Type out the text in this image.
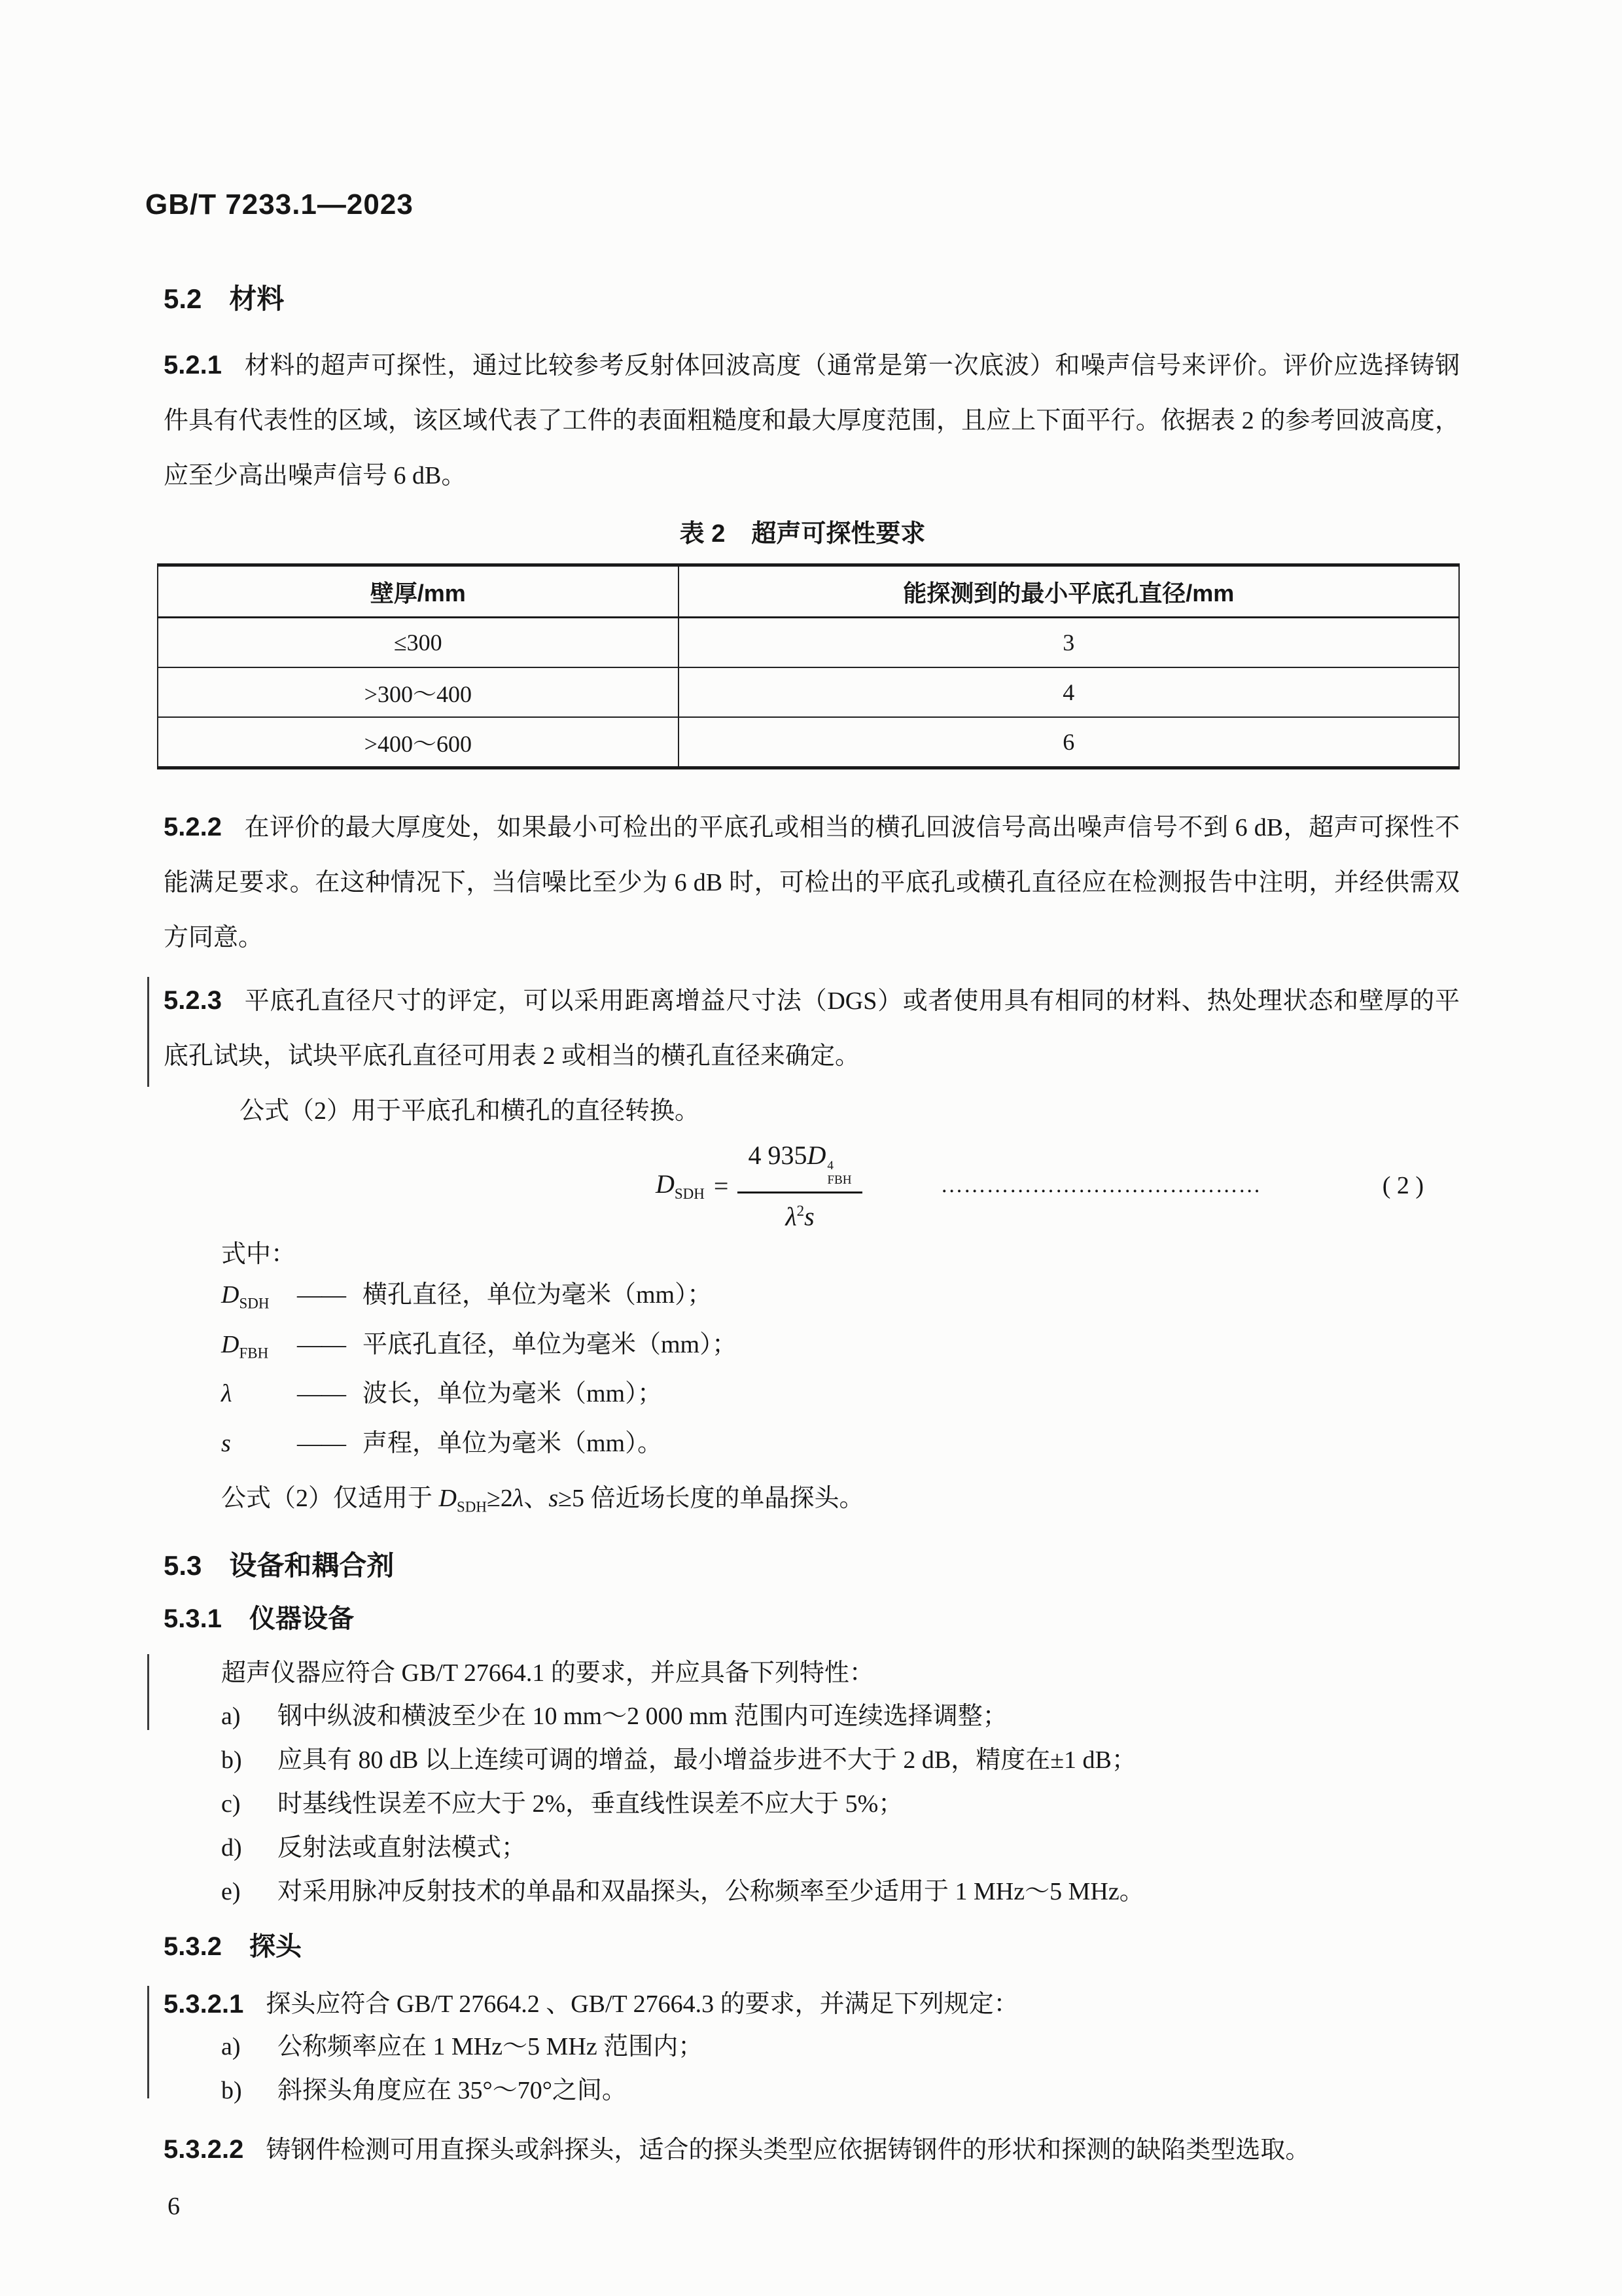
GB/T 7233.1—2023
5.2 材料

5.2.1 材料的超声可探性，通过比较参考反射体回波高度（通常是第一次底波）和噪声信号来评价。评价应选择铸钢件具有代表性的区域，该区域代表了工件的表面粗糙度和最大厚度范围，且应上下面平行。依据表 2 的参考回波高度，应至少高出噪声信号 6 dB。

表 2 超声可探性要求
壁厚/mm	能探测到的最小平底孔直径/mm
≤300	3
>300～400	4
>400～600	6

5.2.2 在评价的最大厚度处，如果最小可检出的平底孔或相当的横孔回波信号高出噪声信号不到 6 dB，超声可探性不能满足要求。在这种情况下，当信噪比至少为 6 dB 时，可检出的平底孔或横孔直径应在检测报告中注明，并经供需双方同意。

5.2.3 平底孔直径尺寸的评定，可以采用距离增益尺寸法（DGS）或者使用具有相同的材料、热处理状态和壁厚的平底孔试块，试块平底孔直径可用表 2 或相当的横孔直径来确定。

公式（2）用于平底孔和横孔的直径转换。
$D_{SDH} = 4$ 935D 4
FBH
$\lambda^2s$	……………………………………	( 2 )
式中：
$D_{SDH}$	—— 横孔直径，单位为毫米（mm）；
$D_{FBH}$	—— 平底孔直径，单位为毫米（mm）；
λ	—— 波长，单位为毫米（mm）；
s	—— 声程，单位为毫米（mm）。
公式（2）仅适用于 $D_{SDH}\ge 2\lambda$、s≥5 倍近场长度的单晶探头。
5.3 设备和耦合剂
5.3.1 仪器设备
超声仪器应符合 GB/T 27664.1 的要求，并应具备下列特性：
a)	钢中纵波和横波至少在 10 mm～2 000 mm 范围内可连续选择调整；
b)	应具有 80 dB 以上连续可调的增益，最小增益步进不大于 2 dB，精度在±1 dB；
c)	时基线性误差不应大于 2%，垂直线性误差不应大于 5%；
d)	反射法或直射法模式；
e)	对采用脉冲反射技术的单晶和双晶探头，公称频率至少适用于 1 MHz～5 MHz。
5.3.2 探头
5.3.2.1 探头应符合 GB/T 27664.2 、GB/T 27664.3 的要求，并满足下列规定：
a)	公称频率应在 1 MHz～5 MHz 范围内；
b)	斜探头角度应在 35°～70°之间。

5.3.2.2 铸钢件检测可用直探头或斜探头，适合的探头类型应依据铸钢件的形状和探测的缺陷类型选取。

6
